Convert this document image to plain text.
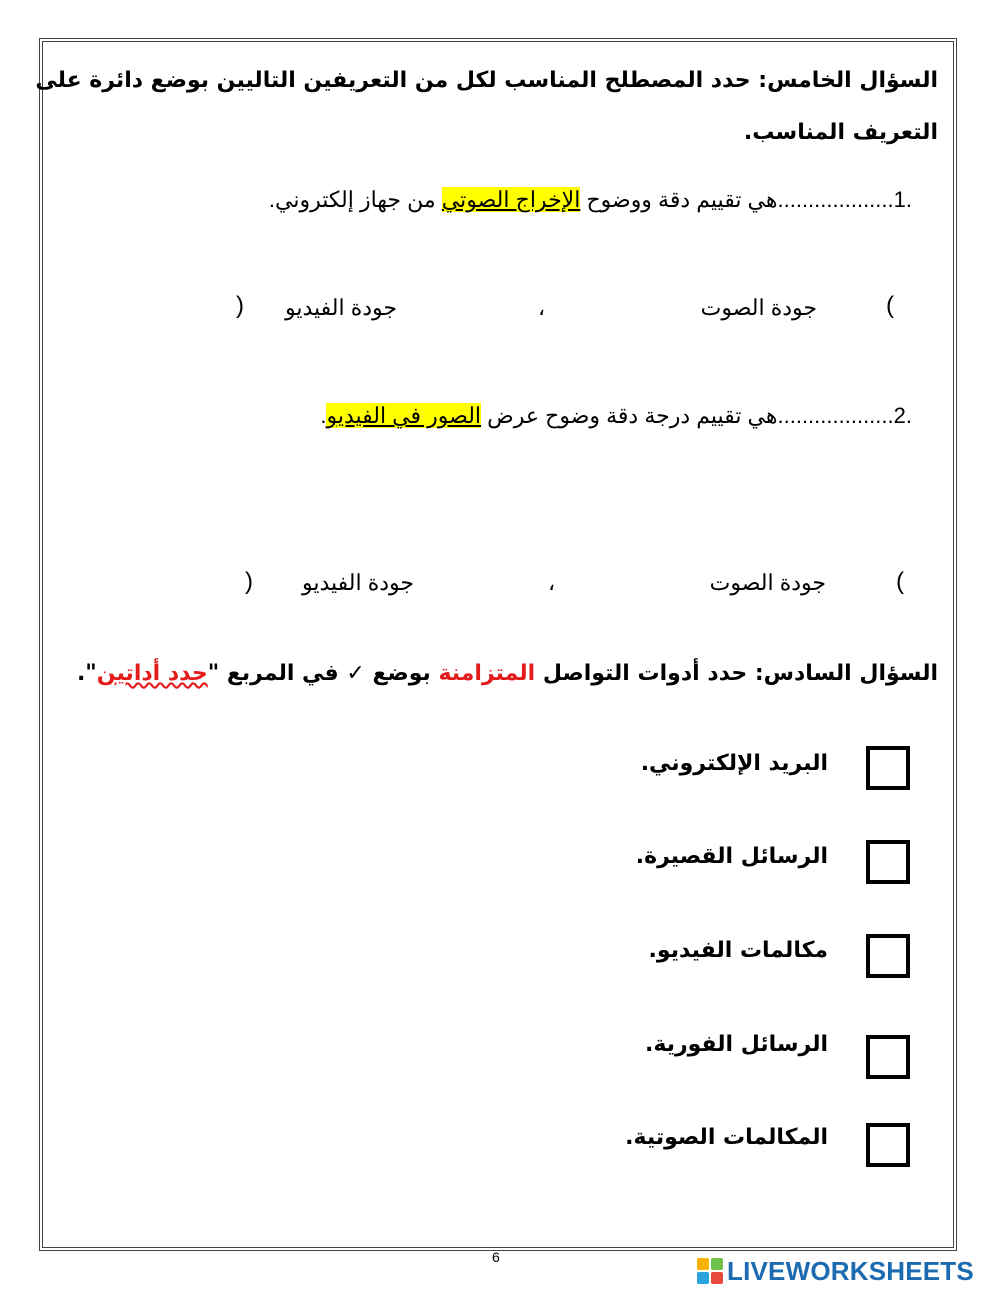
السؤال الخامس: حدد المصطلح المناسب لكل من التعريفين التاليين بوضع دائرة على
التعريف المناسب.
1....................هي تقييم دقة ووضوح الإخراج الصوتي من جهاز إلكتروني.
(
جودة الصوت
،
جودة الفيديو
)
2....................هي تقييم درجة دقة وضوح عرض الصور في الفيديو.
(
جودة الصوت
،
جودة الفيديو
)
السؤال السادس: حدد أدوات التواصل المتزامنة بوضع ✓ في المربع "حدد أداتين".
البريد الإلكتروني.
الرسائل القصيرة.
مكالمات الفيديو.
الرسائل الفورية.
المكالمات الصوتية.
6	LIVEWORKSHEETS
